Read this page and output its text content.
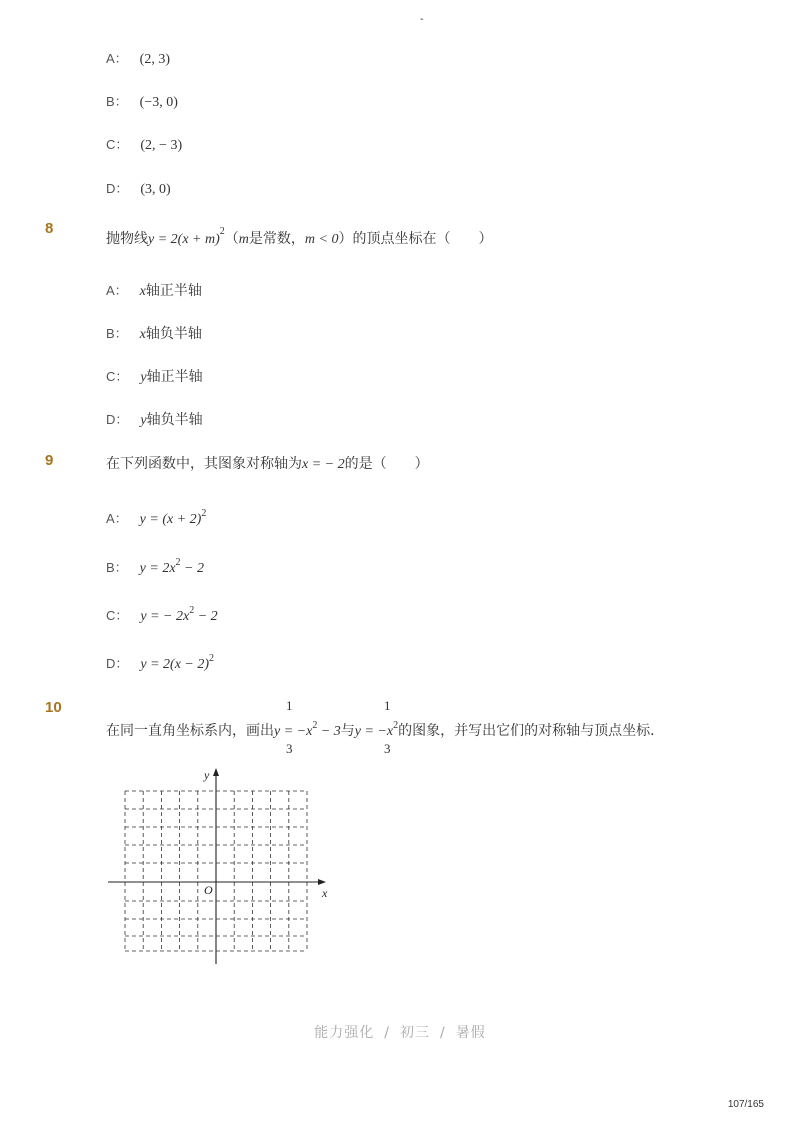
-
A： (2, 3)
B： (−3, 0)
C： (2, − 3)
D： (3, 0)
8
抛物线$y = 2(x + m)^2(m$是常数，m < 0）的顶点坐标在（　　）
A： x轴正半轴
B： x轴负半轴
C： y轴正半轴
D： y轴负半轴
9	在下列函数中，其图象对称轴为x = − 2的是（　　）
A： $y = (x + 2)^2$
B： $y = 2x^2 - 2$
C： y = − $2x^2 - 2$
D： $y = 2(x - 2)^2$
10	1
3
1
3
在同一直角坐标系内，画出$y = -x^2 - 3$与$y = -x^2$的图象，并写出它们的对称轴与顶点坐标．
x
y
O
能力强化 / 初三 / 暑假
107/165
